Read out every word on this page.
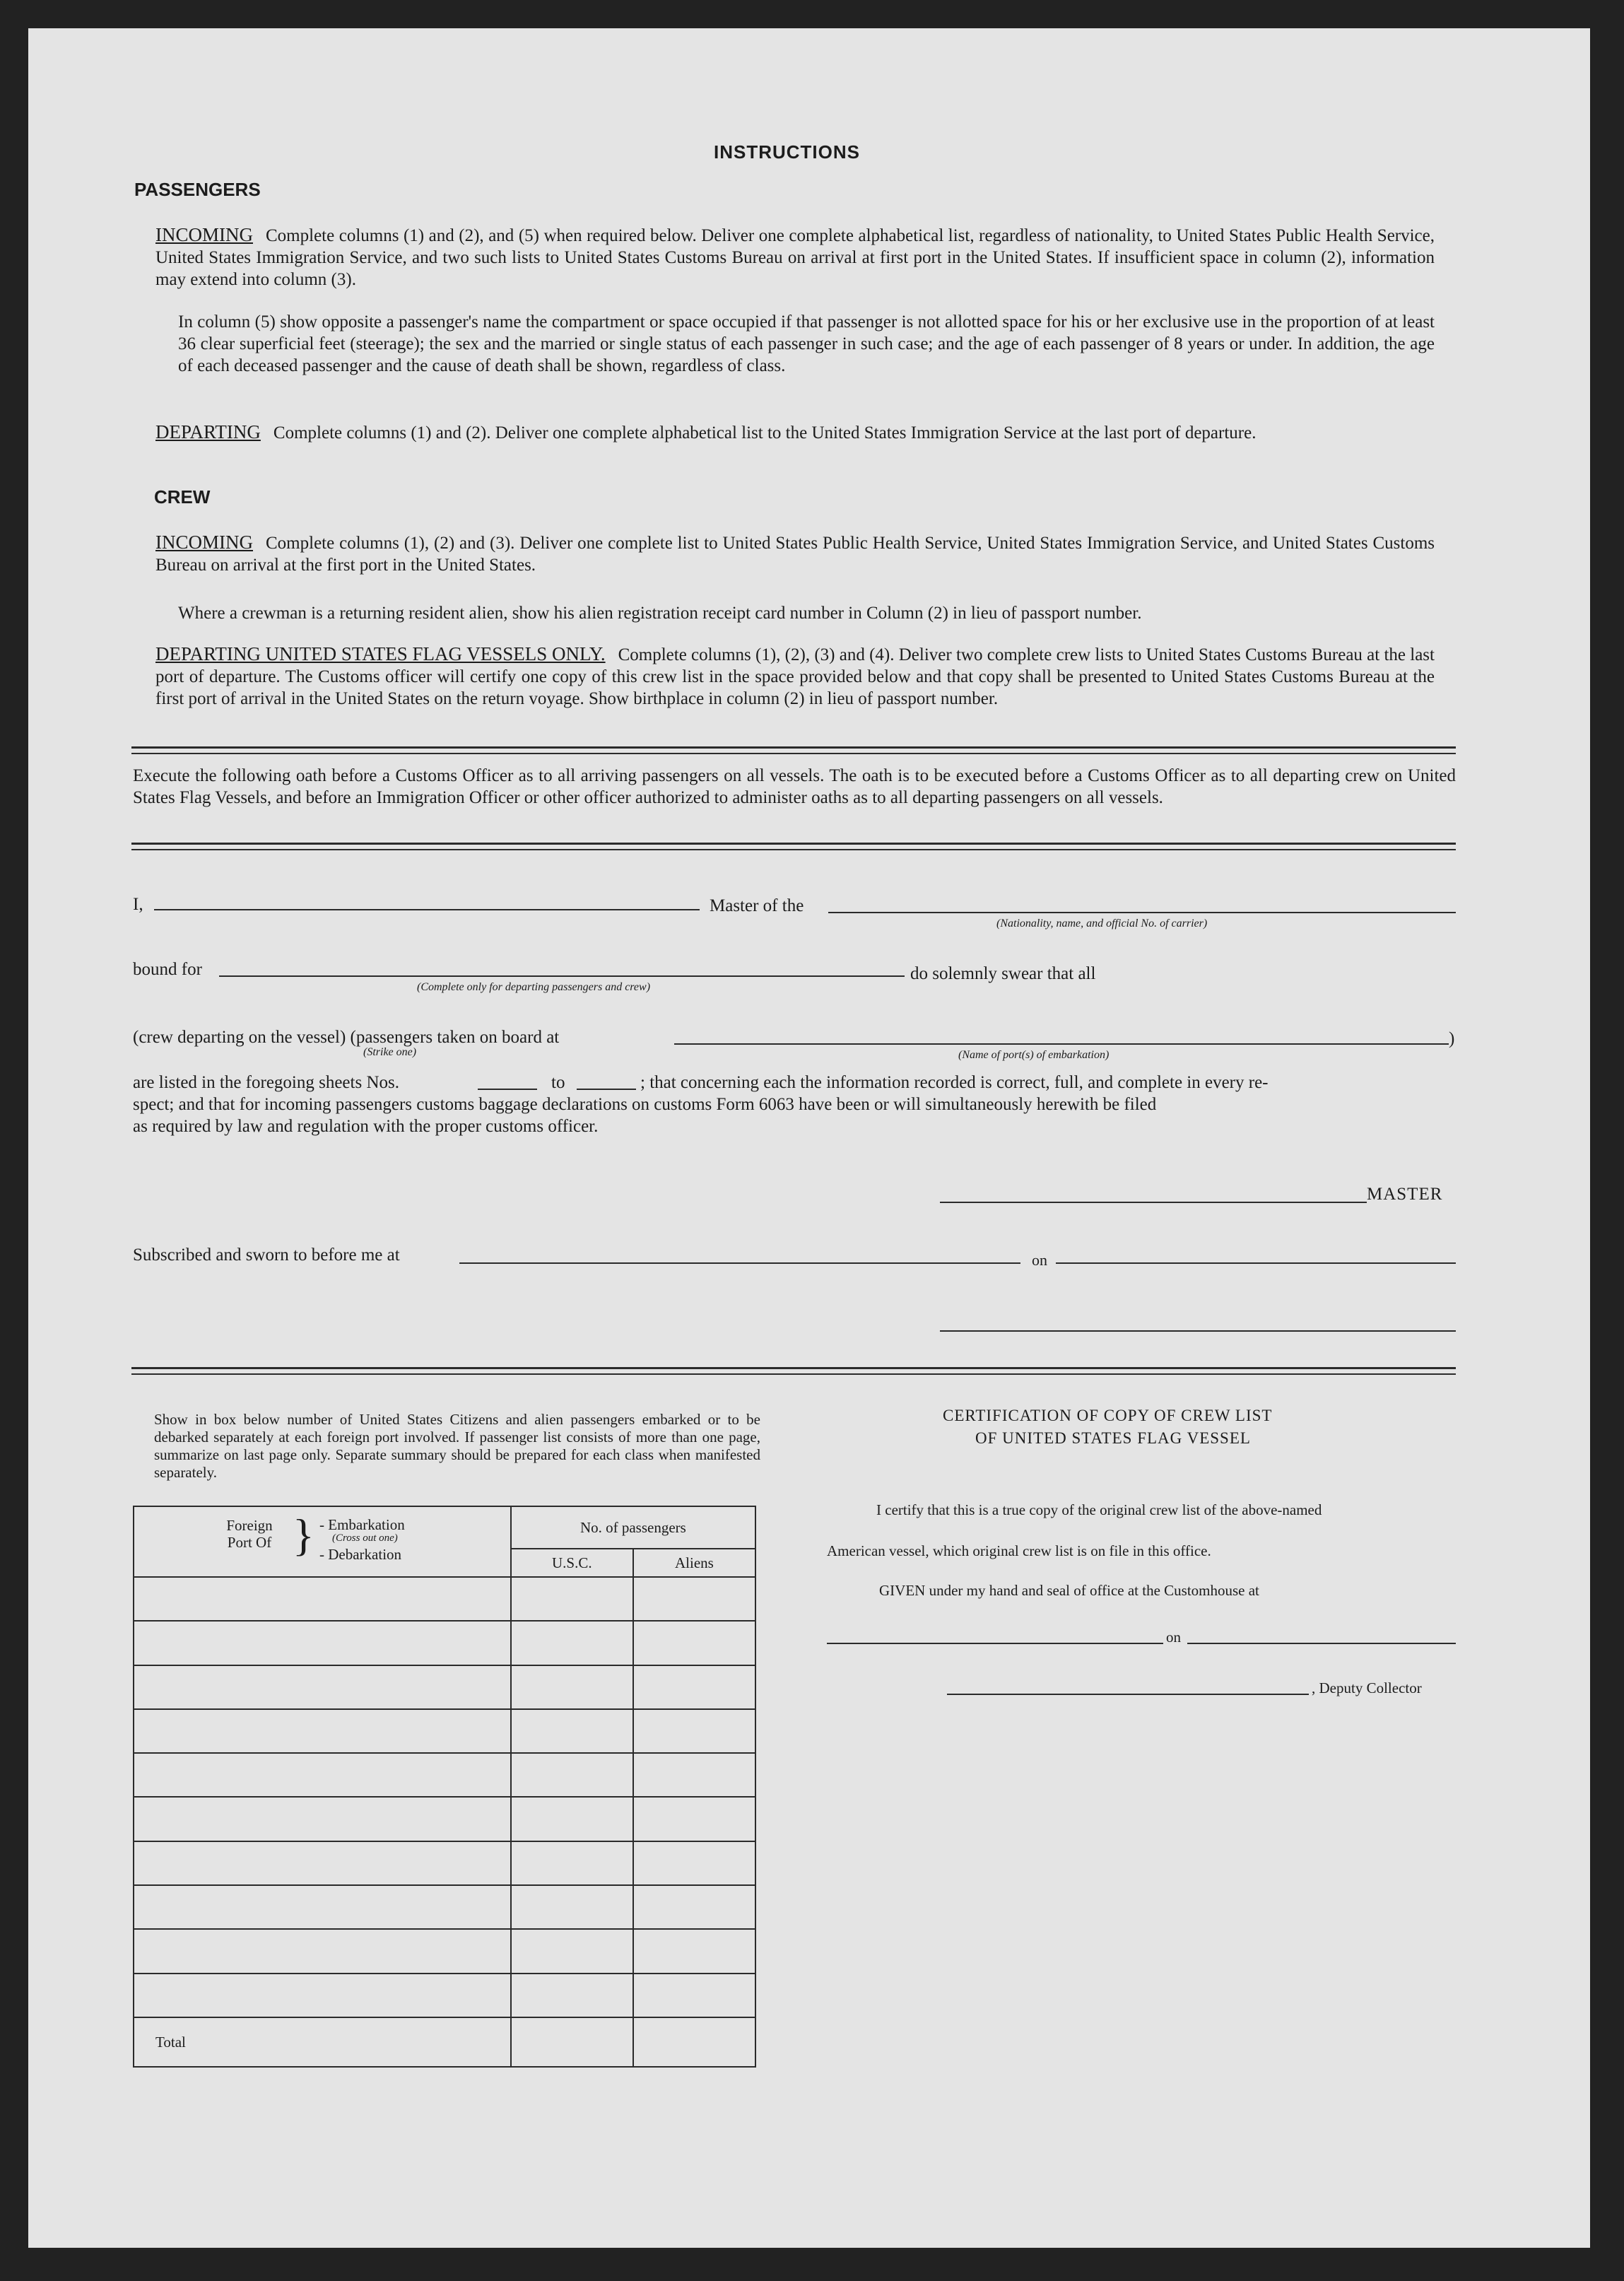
INSTRUCTIONS
PASSENGERS
INCOMING Complete columns (1) and (2), and (5) when required below. Deliver one complete alphabetical list, regardless of nationality, to United States Public Health Service, United States Immigration Service, and two such lists to United States Customs Bureau on arrival at first port in the United States. If insufficient space in column (2), information may extend into column (3).
In column (5) show opposite a passenger's name the compartment or space occupied if that passenger is not allotted space for his or her exclusive use in the proportion of at least 36 clear superficial feet (steerage); the sex and the married or single status of each passenger in such case; and the age of each passenger of 8 years or under. In addition, the age of each deceased passenger and the cause of death shall be shown, regardless of class.
DEPARTING Complete columns (1) and (2). Deliver one complete alphabetical list to the United States Immigration Service at the last port of departure.
CREW
INCOMING Complete columns (1), (2) and (3). Deliver one complete list to United States Public Health Service, United States Immigration Service, and United States Customs Bureau on arrival at the first port in the United States.
Where a crewman is a returning resident alien, show his alien registration receipt card number in Column (2) in lieu of passport number.
DEPARTING UNITED STATES FLAG VESSELS ONLY. Complete columns (1), (2), (3) and (4). Deliver two complete crew lists to United States Customs Bureau at the last port of departure. The Customs officer will certify one copy of this crew list in the space provided below and that copy shall be presented to United States Customs Bureau at the first port of arrival in the United States on the return voyage. Show birthplace in column (2) in lieu of passport number.
Execute the following oath before a Customs Officer as to all arriving passengers on all vessels. The oath is to be executed before a Customs Officer as to all departing crew on United States Flag Vessels, and before an Immigration Officer or other officer authorized to administer oaths as to all departing passengers on all vessels.
I,	Master of the
(Nationality, name, and official No. of carrier)
bound for
(Complete only for departing passengers and crew)
do solemnly swear that all
(crew departing on the vessel) (passengers taken on board at
(Strike one)
)
(Name of port(s) of embarkation)
are listed in the foregoing sheets Nos.	to	; that concerning each the information recorded is correct, full, and complete in every re-
spect; and that for incoming passengers customs baggage declarations on customs Form 6063 have been or will simultaneously herewith be filed
as required by law and regulation with the proper customs officer.
MASTER
Subscribed and sworn to before me at	on
Show in box below number of United States Citizens and alien passengers embarked or to be debarked separately at each foreign port involved. If passenger list consists of more than one page, summarize on last page only. Separate summary should be prepared for each class when manifested separately.
Foreign Port Of } - Embarkation
(Cross out one)
- Debarkation	No. of passengers	
	U.S.C.	Aliens

Total		
CERTIFICATION OF COPY OF CREW LIST
OF UNITED STATES FLAG VESSEL
I certify that this is a true copy of the original crew list of the above-named
American vessel, which original crew list is on file in this office.
GIVEN under my hand and seal of office at the Customhouse at
on
, Deputy Collector
